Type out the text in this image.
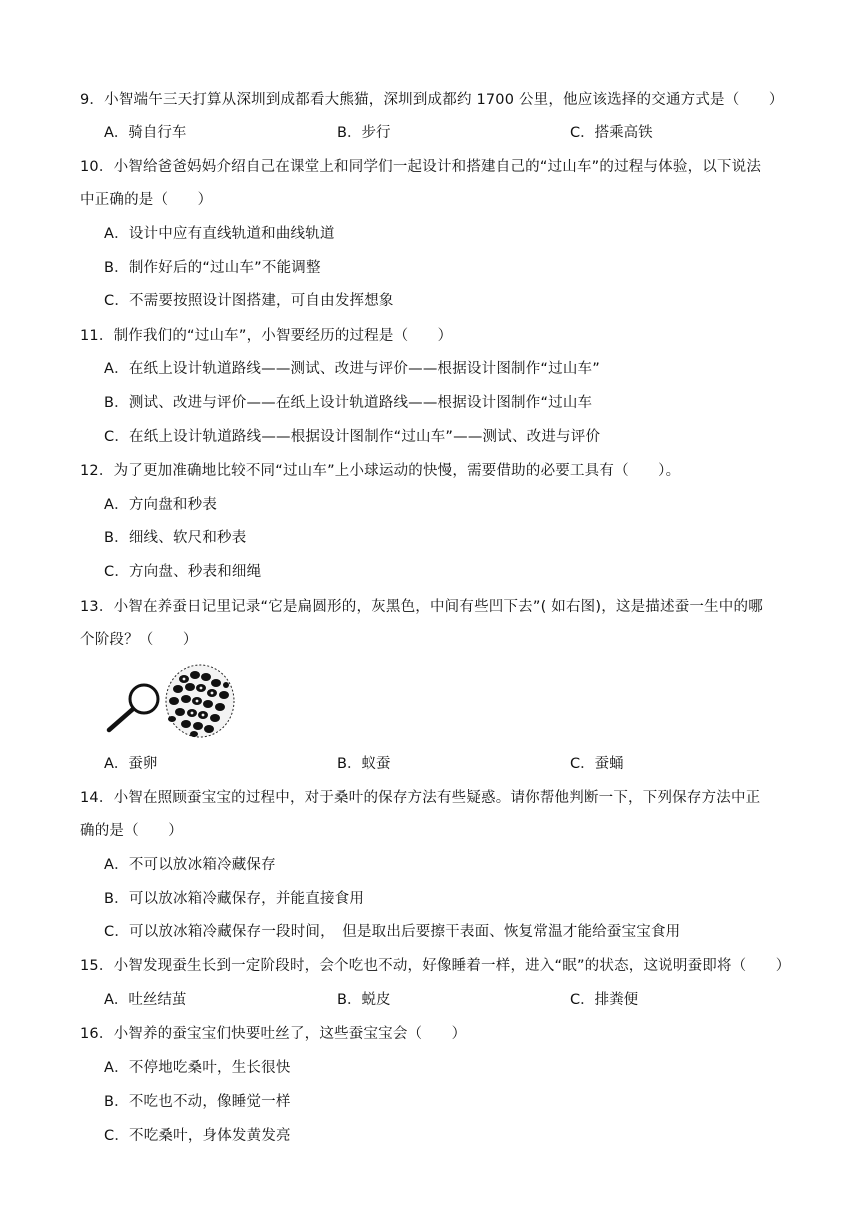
9．小智端午三天打算从深圳到成都看大熊猫，深圳到成都约 1700 公里，他应该选择的交通方式是（　　）
A．骑自行车	B．步行	C．搭乘高铁
10．小智给爸爸妈妈介绍自己在课堂上和同学们一起设计和搭建自己的“过山车”的过程与体验，以下说法
中正确的是（　　）
A．设计中应有直线轨道和曲线轨道
B．制作好后的“过山车”不能调整
C．不需要按照设计图搭建，可自由发挥想象
11．制作我们的“过山车”，小智要经历的过程是（　　）
A．在纸上设计轨道路线——测试、改进与评价——根据设计图制作“过山车”
B．测试、改进与评价——在纸上设计轨道路线——根据设计图制作“过山车
C．在纸上设计轨道路线——根据设计图制作“过山车”——测试、改进与评价
12．为了更加准确地比较不同“过山车”上小球运动的快慢，需要借助的必要工具有（　　）。
A．方向盘和秒表
B．细线、软尺和秒表
C．方向盘、秒表和细绳
13．小智在养蚕日记里记录“它是扁圆形的，灰黑色，中间有些凹下去”( 如右图)，这是描述蚕一生中的哪
个阶段？（　　）
A．蚕卵	B．蚁蚕	C．蚕蛹
14．小智在照顾蚕宝宝的过程中，对于桑叶的保存方法有些疑惑。请你帮他判断一下，下列保存方法中正
确的是（　　）
A．不可以放冰箱冷藏保存
B．可以放冰箱冷藏保存，并能直接食用
C．可以放冰箱冷藏保存一段时间，　但是取出后要擦干表面、恢复常温才能给蚕宝宝食用
15．小智发现蚕生长到一定阶段时，会个吃也不动，好像睡着一样，进入“眠”的状态，这说明蚕即将（　　）
A．吐丝结茧	B．蜕皮	C．排粪便
16．小智养的蚕宝宝们快要吐丝了，这些蚕宝宝会（　　）
A．不停地吃桑叶，生长很快
B．不吃也不动，像睡觉一样
C．不吃桑叶，身体发黄发亮
